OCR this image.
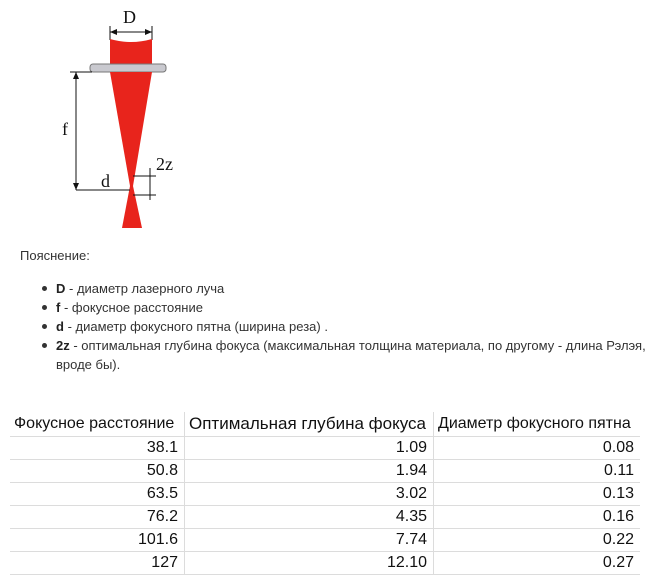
D
f
d
2z
Пояснение:
D - диаметр лазерного луча
f - фокусное расстояние
d - диаметр фокусного пятна (ширина реза) .
2z - оптимальная глубина фокуса (максимальная толщина материала, по другому - длина Рэлэя, вроде бы).
Фокусное расстояние	Оптимальная глубина фокуса	Диаметр фокусного пятна
38.1	1.09	0.08
50.8	1.94	0.11
63.5	3.02	0.13
76.2	4.35	0.16
101.6	7.74	0.22
127	12.10	0.27
